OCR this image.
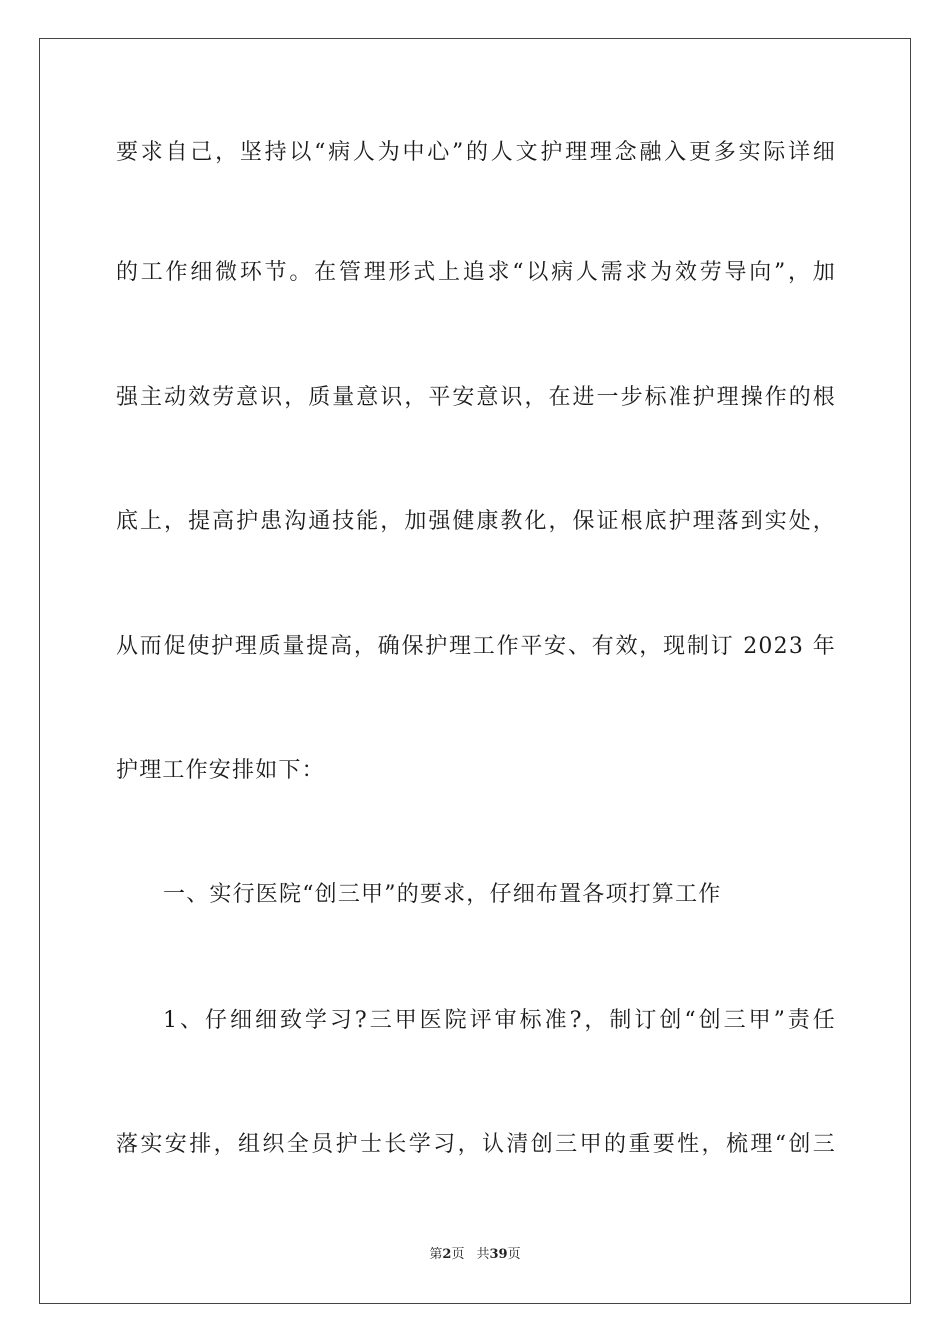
要求自己，坚持以“病人为中心”的人文护理理念融入更多实际详细
的工作细微环节。在管理形式上追求“以病人需求为效劳导向”，加
强主动效劳意识，质量意识，平安意识，在进一步标准护理操作的根
底上，提高护患沟通技能，加强健康教化，保证根底护理落到实处，
从而促使护理质量提高，确保护理工作平安、有效，现制订 2023 年
护理工作安排如下：
一、实行医院“创三甲”的要求，仔细布置各项打算工作
1、仔细细致学习?三甲医院评审标准?，制订创“创三甲”责任
落实安排，组织全员护士长学习，认清创三甲的重要性，梳理“创三
第2页 共39页
